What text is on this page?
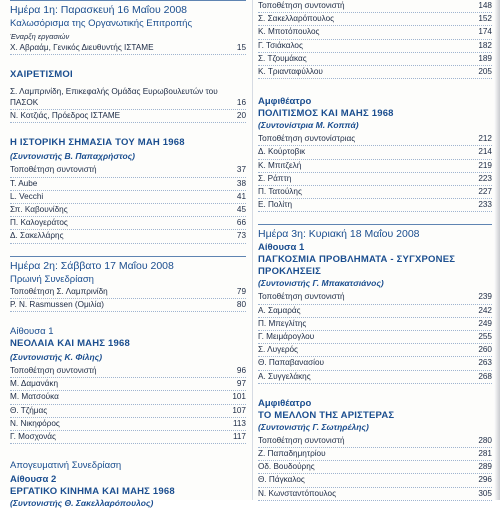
Ημέρα 1η: Παρασκευή 16 Μαΐου 2008
Καλωσόρισμα της Οργανωτικής Επιτροπής
Έναρξη εργασιών
Χ. Αβραάμ, Γενικός Διευθυντής ΙΣΤΑΜΕ	15
ΧΑΙΡΕΤΙΣΜΟΙ
Σ. Λαμπρινίδη, Επικεφαλής Ομάδας Ευρωβουλευτών του ΠΑΣΟΚ	16
Ν. Κοτζιάς, Πρόεδρος ΙΣΤΑΜΕ	20
Η ΙΣΤΟΡΙΚΗ ΣΗΜΑΣΙΑ ΤΟΥ ΜΑΗ 1968
(Συντονιστής Β. Παπαχρήστος)
Τοποθέτηση συντονιστή	37
T. Aube	38
L. Vecchi	41
Σπ. Καβουνίδης	45
Π. Καλογεράτος	66
Δ. Σακελλάρης	73
Ημέρα 2η: Σάββατο 17 Μαΐου 2008
Πρωινή Συνεδρίαση
Τοποθέτηση Σ. Λαμπρινίδη	79
P. N. Rasmussen (Ομιλία)	80
Αίθουσα 1
ΝΕΟΛΑΙΑ ΚΑΙ ΜΑΗΣ 1968
(Συντονιστής Κ. Φίλης)
Τοποθέτηση συντονιστή	96
Μ. Δαμανάκη	97
Μ. Ματσούκα	101
Θ. Τζήμας	107
Ν. Νικηφόρος	113
Γ. Μοσχονάς	117
Απογευματινή Συνεδρίαση
Αίθουσα 2
ΕΡΓΑΤΙΚΟ ΚΙΝΗΜΑ ΚΑΙ ΜΑΗΣ 1968
(Συντονιστής Θ. Σακελλαρόπουλος)
Τοποθέτηση συντονιστή	148
Σ. Σακελλαρόπουλος	152
Κ. Μποτόπουλος	174
Γ. Τσιάκαλος	182
Σ. Τζουμάκας	189
Κ. Τριανταφύλλου	205
Αμφιθέατρο
ΠΟΛΙΤΙΣΜΟΣ ΚΑΙ ΜΑΗΣ 1968
(Συντονίστρια Μ. Κοππά)
Τοποθέτηση συντονίστριας	212
Δ. Κούρτοβικ	214
Κ. Μπιτζελή	219
Σ. Ράπτη	223
Π. Τατούλης	227
Ε. Πολίτη	233
Ημέρα 3η: Κυριακή 18 Μαΐου 2008
Αίθουσα 1
ΠΑΓΚΟΣΜΙΑ ΠΡΟΒΛΗΜΑΤΑ - ΣΥΓΧΡΟΝΕΣ
ΠΡΟΚΛΗΣΕΙΣ
(Συντονιστής Γ. Μπακατσιάνος)
Τοποθέτηση συντονιστή	239
Α. Σαμαράς	242
Π. Μπεγλίτης	249
Γ. Μειμάρογλου	255
Σ. Λυγερός	260
Θ. Παπαβανασίου	263
Α. Συγγελάκης	268
Αμφιθέατρο
ΤΟ ΜΕΛΛΟΝ ΤΗΣ ΑΡΙΣΤΕΡΑΣ
(Συντονιστής Γ. Σωτηρέλης)
Τοποθέτηση συντονιστή	280
Ζ. Παπαδημητρίου	281
Οδ. Βουδούρης	289
Θ. Πάγκαλος	296
Ν. Κωνσταντόπουλος	305
